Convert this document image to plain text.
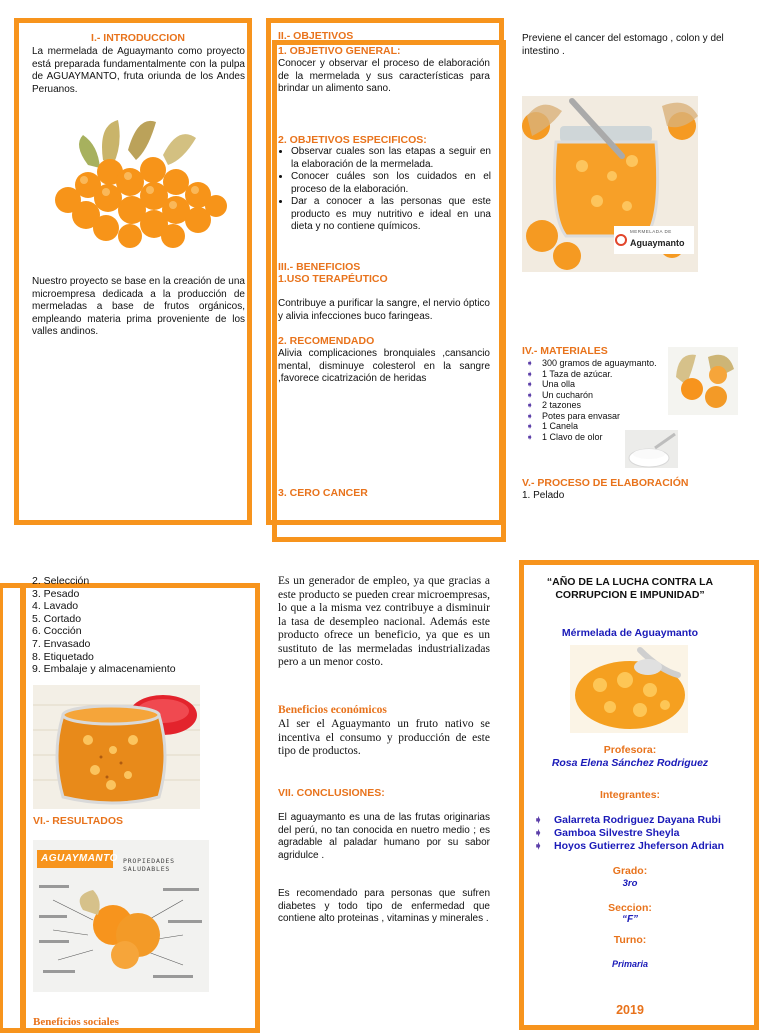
I.- INTRODUCCION
La mermelada de Aguaymanto como proyecto está preparada fundamentalmente con la pulpa de AGUAYMANTO, fruta oriunda de los Andes Peruanos.
Nuestro proyecto se base en la creación de una microempresa dedicada a la producción de mermeladas a base de frutos orgánicos, empleando materia prima proveniente de los valles andinos.
II.- OBJETIVOS
1. OBJETIVO GENERAL:
Conocer y observar el proceso de elaboración de la mermelada y sus características para brindar un alimento sano.
2. OBJETIVOS ESPECIFICOS:
• Observar cuales son las etapas a seguir en la elaboración de la mermelada.
• Conocer cuáles son los cuidados en el proceso de la elaboración.
• Dar a conocer a las personas que este producto es muy nutritivo e ideal en una dieta y no contiene químicos.
III.- BENEFICIOS
1.USO TERAPÉUTICO
Contribuye a purificar la sangre, el nervio óptico y alivia infecciones buco faringeas.
2. RECOMENDADO
Alivia complicaciones bronquiales ,cansancio mental, disminuye colesterol en la sangre ,favorece cicatrización de heridas
3. CERO CANCER
Previene el cancer del estomago , colon y del intestino .
MERMELADA DE
Aguaymanto
IV.- MATERIALES
➧ 300 gramos de aguaymanto.
➧ 1 Taza de azúcar.
➧ Una olla
➧ Un cucharón
➧ 2 tazones
➧ Potes para envasar
➧ 1 Canela
➧ 1 Clavo de olor
V.- PROCESO DE ELABORACIÓN
1. Pelado
2. Selección
3. Pesado
4. Lavado
5. Cortado
6. Cocción
7. Envasado
8. Etiquetado
9. Embalaje y almacenamiento
VI.- RESULTADOS
AGUAYMANTO PROPIEDADES SALUDABLES
Beneficios sociales
Es un generador de empleo, ya que gracias a este producto se pueden crear microempresas, lo que a la misma vez contribuye a disminuir la tasa de desempleo nacional. Además este producto ofrece un beneficio, ya que es un sustituto de las mermeladas industrializadas pero a un menor costo.
Beneficios económicos
Al ser el Aguaymanto un fruto nativo se incentiva el consumo y producción de este tipo de productos.
VII. CONCLUSIONES:
El aguaymanto es una de las frutas originarias del perú, no tan conocida en nuetro medio ; es agradable al paladar humano por su sabor agridulce .
Es recomendado para personas que sufren diabetes y todo tipo de enfermedad que contiene alto proteinas , vitaminas y minerales .
“AÑO DE LA LUCHA CONTRA LA CORRUPCION E IMPUNIDAD”
Mérmelada de Aguaymanto
Profesora:
Rosa Elena Sánchez Rodriguez
Integrantes:
➧ Galarreta Rodriguez Dayana Rubi
➧ Gamboa Silvestre Sheyla
➧ Hoyos Gutierrez Jheferson Adrian
Grado:
3ro
Seccion:
“F”
Turno:
Primaria
2019
